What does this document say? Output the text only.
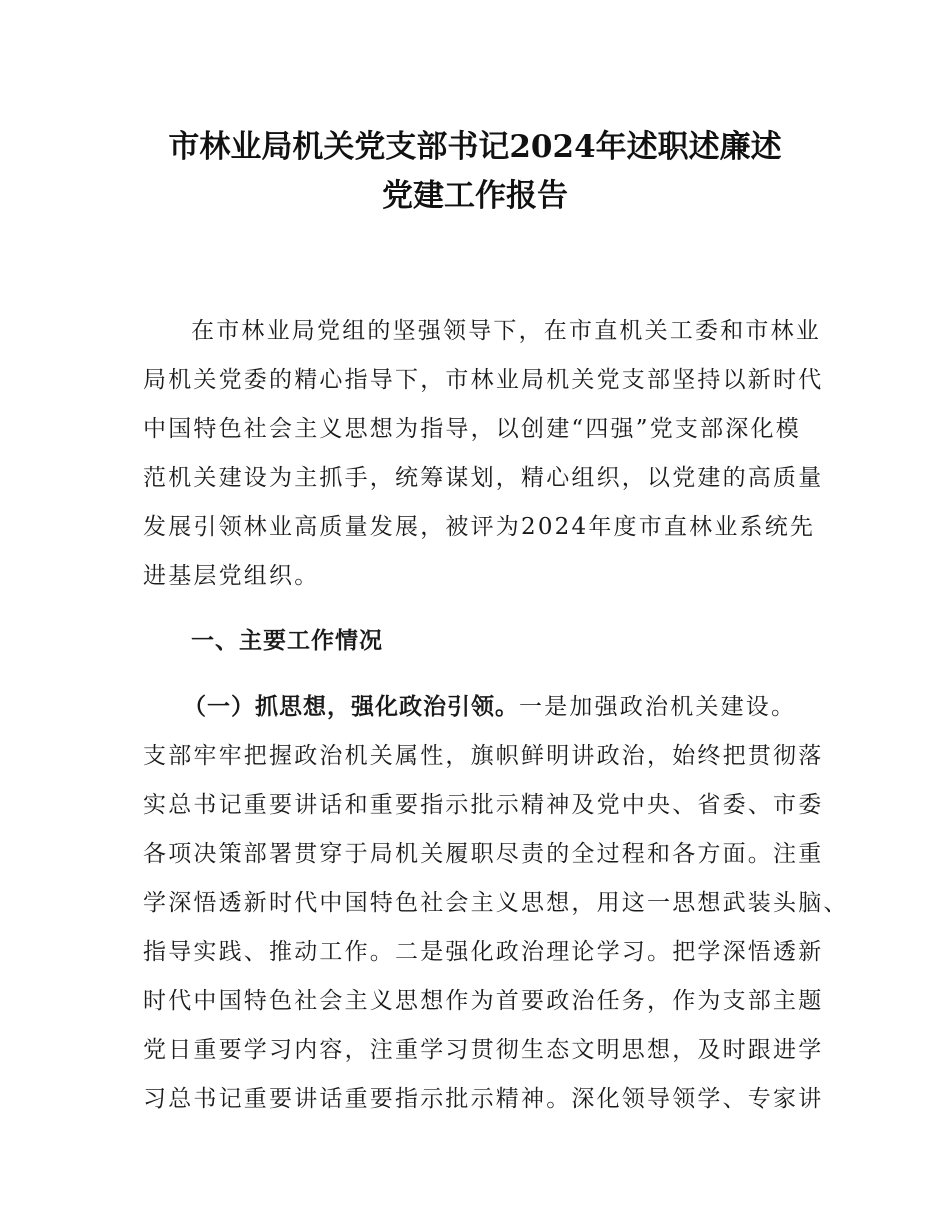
市林业局机关党支部书记2024年述职述廉述
党建工作报告
在市林业局党组的坚强领导下，在市直机关工委和市林业
局机关党委的精心指导下，市林业局机关党支部坚持以新时代
中国特色社会主义思想为指导，以创建“四强”党支部深化模
范机关建设为主抓手，统筹谋划，精心组织，以党建的高质量
发展引领林业高质量发展，被评为2024年度市直林业系统先
进基层党组织。
一、主要工作情况
（一）抓思想，强化政治引领。一是加强政治机关建设。
支部牢牢把握政治机关属性，旗帜鲜明讲政治，始终把贯彻落
实总书记重要讲话和重要指示批示精神及党中央、省委、市委
各项决策部署贯穿于局机关履职尽责的全过程和各方面。注重
学深悟透新时代中国特色社会主义思想，用这一思想武装头脑、
指导实践、推动工作。二是强化政治理论学习。把学深悟透新
时代中国特色社会主义思想作为首要政治任务，作为支部主题
党日重要学习内容，注重学习贯彻生态文明思想，及时跟进学
习总书记重要讲话重要指示批示精神。深化领导领学、专家讲
